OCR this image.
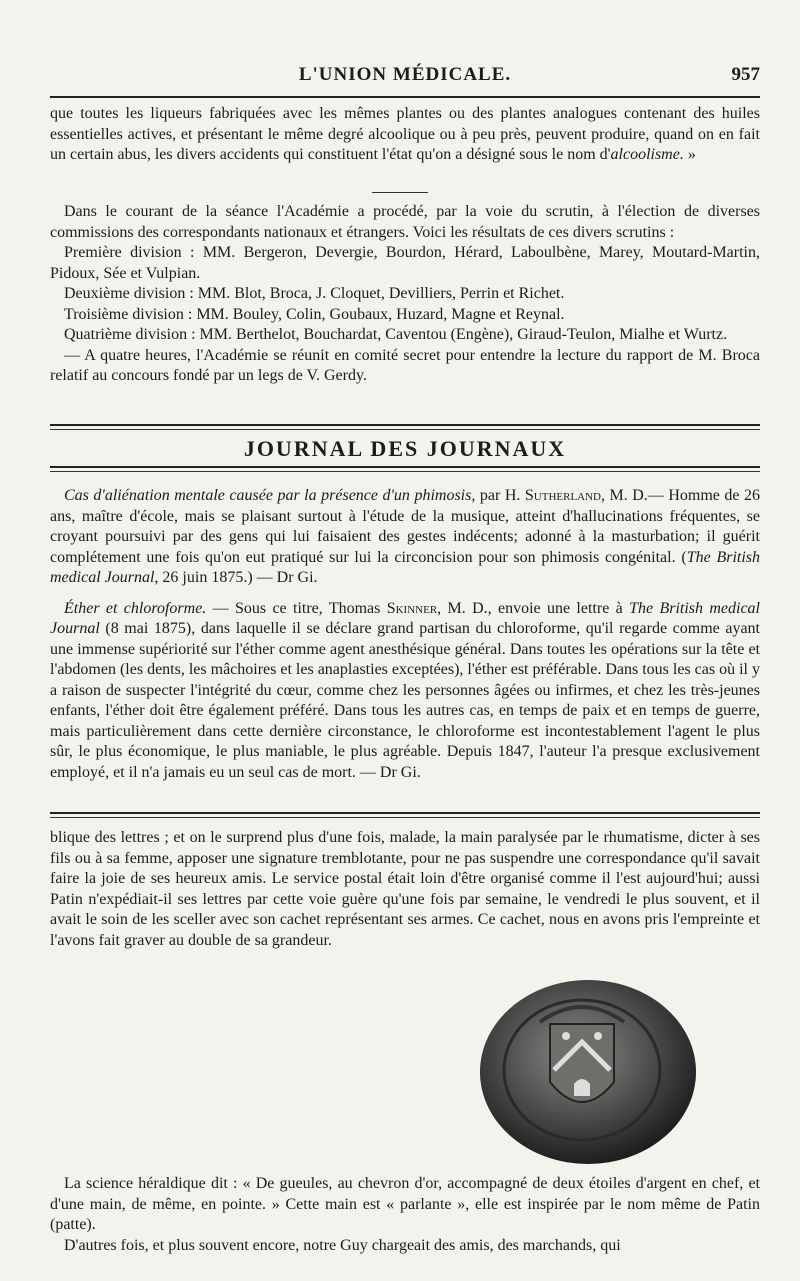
L'UNION MÉDICALE.	957

que toutes les liqueurs fabriquées avec les mêmes plantes ou des plantes analogues contenant des huiles essentielles actives, et présentant le même degré alcoolique ou à peu près, peuvent produire, quand on en fait un certain abus, les divers accidents qui constituent l'état qu'on a désigné sous le nom d'alcoolisme. »

Dans le courant de la séance l'Académie a procédé, par la voie du scrutin, à l'élection de diverses commissions des correspondants nationaux et étrangers. Voici les résultats de ces divers scrutins :

Première division : MM. Bergeron, Devergie, Bourdon, Hérard, Laboulbène, Marey, Moutard-Martin, Pidoux, Sée et Vulpian.

Deuxième division : MM. Blot, Broca, J. Cloquet, Devilliers, Perrin et Richet.

Troisième division : MM. Bouley, Colin, Goubaux, Huzard, Magne et Reynal.

Quatrième division : MM. Berthelot, Bouchardat, Caventou (Engène), Giraud-Teulon, Mialhe et Wurtz.

— A quatre heures, l'Académie se réunit en comité secret pour entendre la lecture du rapport de M. Broca relatif au concours fondé par un legs de V. Gerdy.

JOURNAL DES JOURNAUX

Cas d'aliénation mentale causée par la présence d'un phimosis, par H. Sutherland, M. D.— Homme de 26 ans, maître d'école, mais se plaisant surtout à l'étude de la musique, atteint d'hallucinations fréquentes, se croyant poursuivi par des gens qui lui faisaient des gestes indécents; adonné à la masturbation; il guérit complétement une fois qu'on eut pratiqué sur lui la circoncision pour son phimosis congénital. (The British medical Journal, 26 juin 1875.) — Dr Gi.

Éther et chloroforme. — Sous ce titre, Thomas Skinner, M. D., envoie une lettre à The British medical Journal (8 mai 1875), dans laquelle il se déclare grand partisan du chloroforme, qu'il regarde comme ayant une immense supériorité sur l'éther comme agent anesthésique général. Dans toutes les opérations sur la tête et l'abdomen (les dents, les mâchoires et les anaplasties exceptées), l'éther est préférable. Dans tous les cas où il y a raison de suspecter l'intégrité du cœur, comme chez les personnes âgées ou infirmes, et chez les très-jeunes enfants, l'éther doit être également préféré. Dans tous les autres cas, en temps de paix et en temps de guerre, mais particulièrement dans cette dernière circonstance, le chloroforme est incontestablement l'agent le plus sûr, le plus économique, le plus maniable, le plus agréable. Depuis 1847, l'auteur l'a presque exclusivement employé, et il n'a jamais eu un seul cas de mort. — Dr Gi.

blique des lettres ; et on le surprend plus d'une fois, malade, la main paralysée par le rhumatisme, dicter à ses fils ou à sa femme, apposer une signature tremblotante, pour ne pas suspendre une correspondance qu'il savait faire la joie de ses heureux amis. Le service postal était loin d'être organisé comme il l'est aujourd'hui; aussi Patin n'expédiait-il ses lettres par cette voie guère qu'une fois par semaine, le vendredi le plus souvent, et il avait le soin de les sceller avec son cachet représentant ses armes. Ce cachet, nous en avons pris l'empreinte et l'avons fait graver au double de sa grandeur.

La science héraldique dit : « De gueules, au chevron d'or, accompagné de deux étoiles d'argent en chef, et d'une main, de même, en pointe. » Cette main est « parlante », elle est inspirée par le nom même de Patin (patte).

D'autres fois, et plus souvent encore, notre Guy chargeait des amis, des marchands, qui
